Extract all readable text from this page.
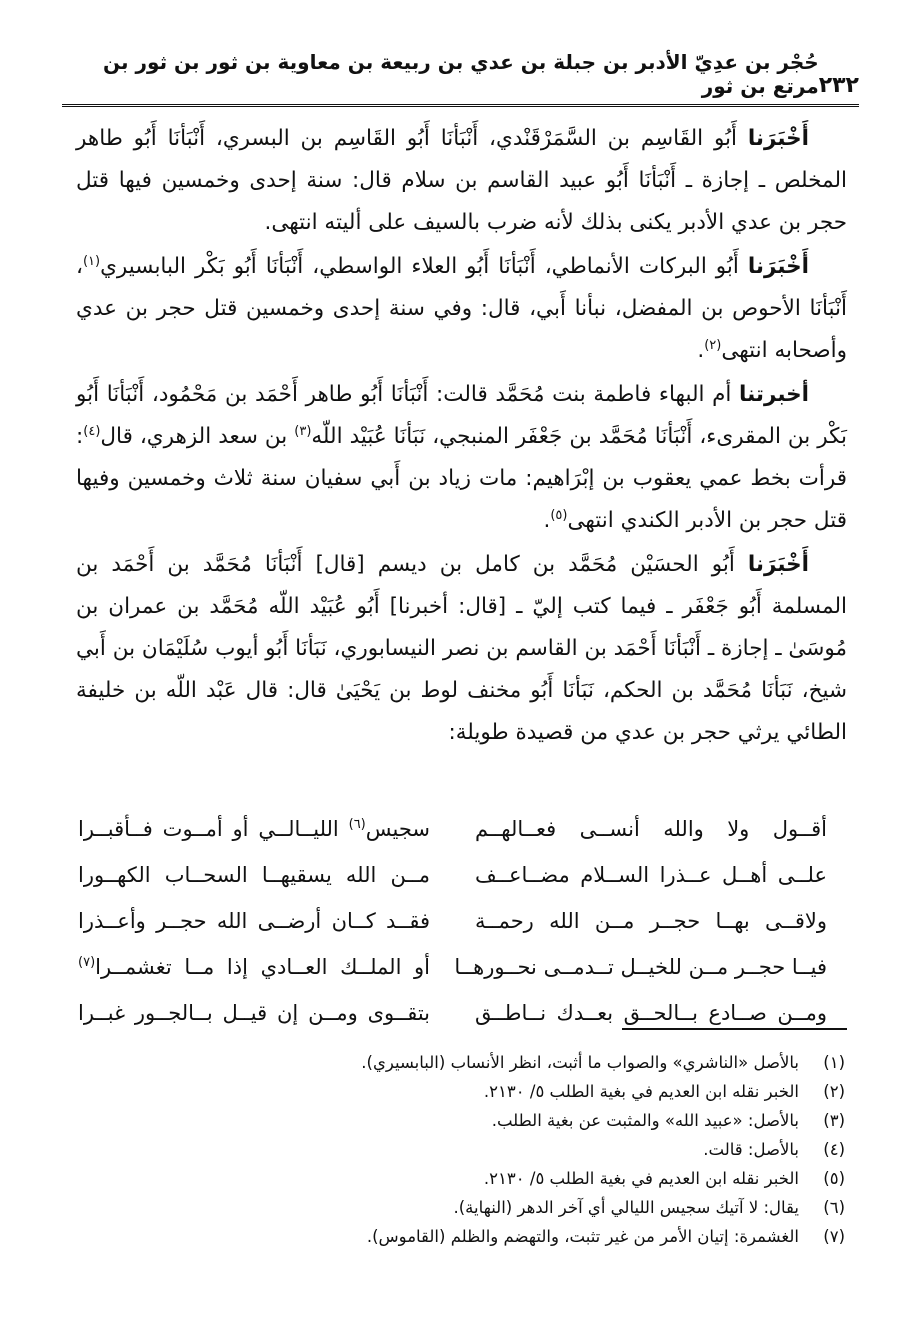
٢٣٢
حُجْر بن عدِيّ الأدبر بن جبلة بن عدي بن ربيعة بن معاوية بن ثور بن ثور بن مرتع بن ثور

أَخْبَرَنا أَبُو القَاسِم بن السَّمَرْقَنْدي، أَنْبَأنَا أَبُو القَاسِم بن البسري، أَنْبَأنَا أَبُو طاهر المخلص ـ إجازة ـ أَنْبَأنَا أَبُو عبيد القاسم بن سلام قال: سنة إحدى وخمسين فيها قتل حجر بن عدي الأدبر يكنى بذلك لأنه ضرب بالسيف على أليته انتهى.

أَخْبَرَنا أَبُو البركات الأنماطي، أَنْبَأنَا أَبُو العلاء الواسطي، أَنْبَأنَا أَبُو بَكْر البابسيري$^{(١)}$، أَنْبَأنَا الأحوص بن المفضل، نبأنا أَبي، قال: وفي سنة إحدى وخمسين قتل حجر بن عدي وأصحابه انتهى$^{(٢)}$.

أخبرتنا أم البهاء فاطمة بنت مُحَمَّد قالت: أَنْبَأنَا أَبُو طاهر أَحْمَد بن مَحْمُود، أَنْبَأنَا أَبُو بَكْر بن المقرىء، أَنْبَأنَا مُحَمَّد بن جَعْفَر المنبجي، نَبَأنَا عُبَيْد اللّه$^{(٣)}$ بن سعد الزهري، قال$^{(٤)}$: قرأت بخط عمي يعقوب بن إبْرَاهيم: مات زياد بن أَبي سفيان سنة ثلاث وخمسين وفيها قتل حجر بن الأدبر الكندي انتهى$^{(٥)}$.

أَخْبَرَنا أَبُو الحسَيْن مُحَمَّد بن كامل بن ديسم [قال] أَنْبَأنَا مُحَمَّد بن أَحْمَد بن المسلمة أَبُو جَعْفَر ـ فيما كتب إليّ ـ [قال: أخبرنا] أَبُو عُبَيْد اللّه مُحَمَّد بن عمران بن مُوسَىٰ ـ إجازة ـ أَنْبَأنَا أَحْمَد بن القاسم بن نصر النيسابوري، نَبَأنَا أَبُو أيوب سُلَيْمَان بن أَبي شيخ، نَبَأنَا مُحَمَّد بن الحكم، نَبَأنَا أَبُو مخنف لوط بن يَحْيَىٰ قال: قال عَبْد اللّه بن خليفة الطائي يرثي حجر بن عدي من قصيدة طويلة:

أقــول ولا والله أنســى فعــالهــم
سجيس$^{(٦)}$ الليــالــي أو أمــوت فــأقبــرا
علــى أهــل عــذرا الســلام مضــاعــف
مــن الله يسقيهــا السحــاب الكهــورا
ولاقــى بهــا حجــر مــن الله رحمــة
فقــد كــان أرضــى الله حجــر وأعــذرا
فيــا حجــر مــن للخيــل تــدمــى نحــورهــا
أو الملــك العــادي إذا مــا تغشمــرا$^{(٧)}$
ومــن صــادع بــالحــق بعــدك نــاطــق
بتقــوى ومــن إن قيــل بــالجــور غبــرا
(١)
بالأصل «الناشري» والصواب ما أثبت، انظر الأنساب (البابسيري).
(٢)
الخبر نقله ابن العديم في بغية الطلب ٥/ ٢١٣٠.
(٣)
بالأصل: «عبيد الله» والمثبت عن بغية الطلب.
(٤)
بالأصل: قالت.
(٥)
الخبر نقله ابن العديم في بغية الطلب ٥/ ٢١٣٠.
(٦)
يقال: لا آتيك سجيس الليالي أي آخر الدهر (النهاية).
(٧)
الغشمرة: إتيان الأمر من غير تثبت، والتهضم والظلم (القاموس).
